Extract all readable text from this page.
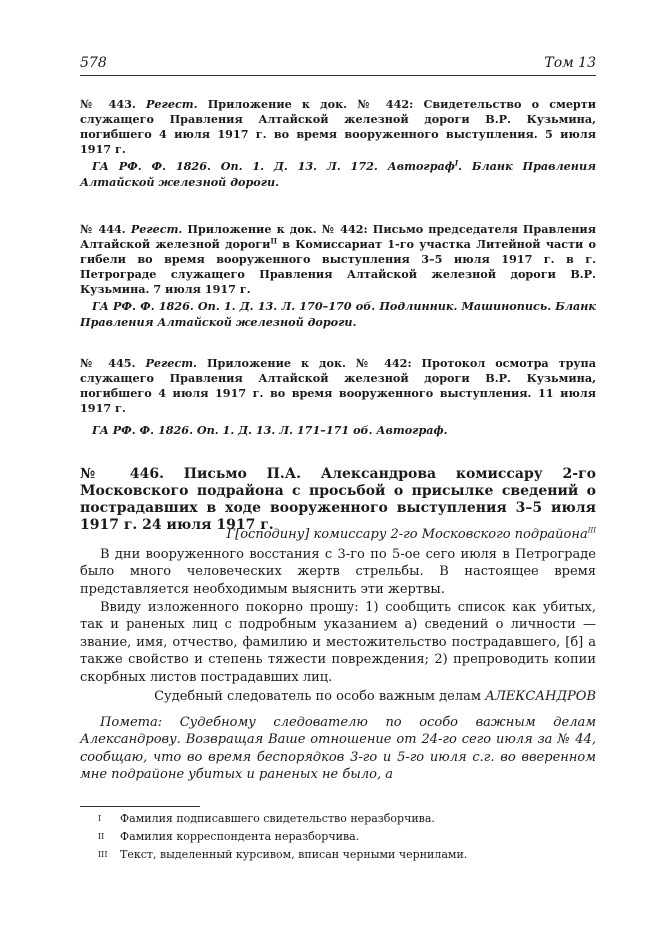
578	Том 13
№ 443. Регест. Приложение к док. № 442: Свидетельство о смерти служащего Правления Алтайской железной дороги В.Р. Кузьмина, погибшего 4 июля 1917 г. во время вооруженного выступления. 5 июля 1917 г.
ГА РФ. Ф. 1826. Оп. 1. Д. 13. Л. 172. Автограф$^I$. Бланк Правления Алтайской железной дороги.
№ 444. Регест. Приложение к док. № 442: Письмо председателя Правления Алтайской железной дороги$^{II}$ в Комиссариат 1-го участка Литейной части о гибели во время вооруженного выступления 3–5 июля 1917 г. в г. Петрограде служащего Правления Алтайской железной дороги В.Р. Кузьмина. 7 июля 1917 г.
ГА РФ. Ф. 1826. Оп. 1. Д. 13. Л. 170–170 об. Подлинник. Машинопись. Бланк Правления Алтайской железной дороги.
№ 445. Регест. Приложение к док. № 442: Протокол осмотра трупа служащего Правления Алтайской железной дороги В.Р. Кузьмина, погибшего 4 июля 1917 г. во время вооруженного выступления. 11 июля 1917 г.
ГА РФ. Ф. 1826. Оп. 1. Д. 13. Л. 171–171 об. Автограф.
№ 446. Письмо П.А. Александрова комиссару 2-го Московского подрайона с просьбой о присылке сведений о пострадавших в ходе вооруженного выступления 3–5 июля 1917 г. 24 июля 1917 г.
Г[осподину] комиссару 2-го Московского подрайона$^{III}$
В дни вооруженного восстания с 3-го по 5-ое сего июля в Петрограде было много человеческих жертв стрельбы. В настоящее время представляется необходимым выяснить эти жертвы.
Ввиду изложенного покорно прошу: 1) сообщить список как убитых, так и раненых лиц с подробным указанием а) сведений о личности — звание, имя, отчество, фамилию и местожительство пострадавшего, [б] а также свойство и степень тяжести повреждения; 2) препроводить копии скорбных листов пострадавших лиц.
Судебный следователь по особо важным делам АЛЕКСАНДРОВ
Пометa: Судебному следователю по особо важным делам Александрову. Возвращая Ваше отношение от 24-го сего июля за № 44, сообщаю, что во время беспорядков 3-го и 5-го июля с.г. во вверенном мне подрайоне убитых и раненых не было, а
I Фамилия подписавшего свидетельство неразборчива.
II Фамилия корреспондента неразборчива.
III Текст, выделенный курсивом, вписан черными чернилами.
